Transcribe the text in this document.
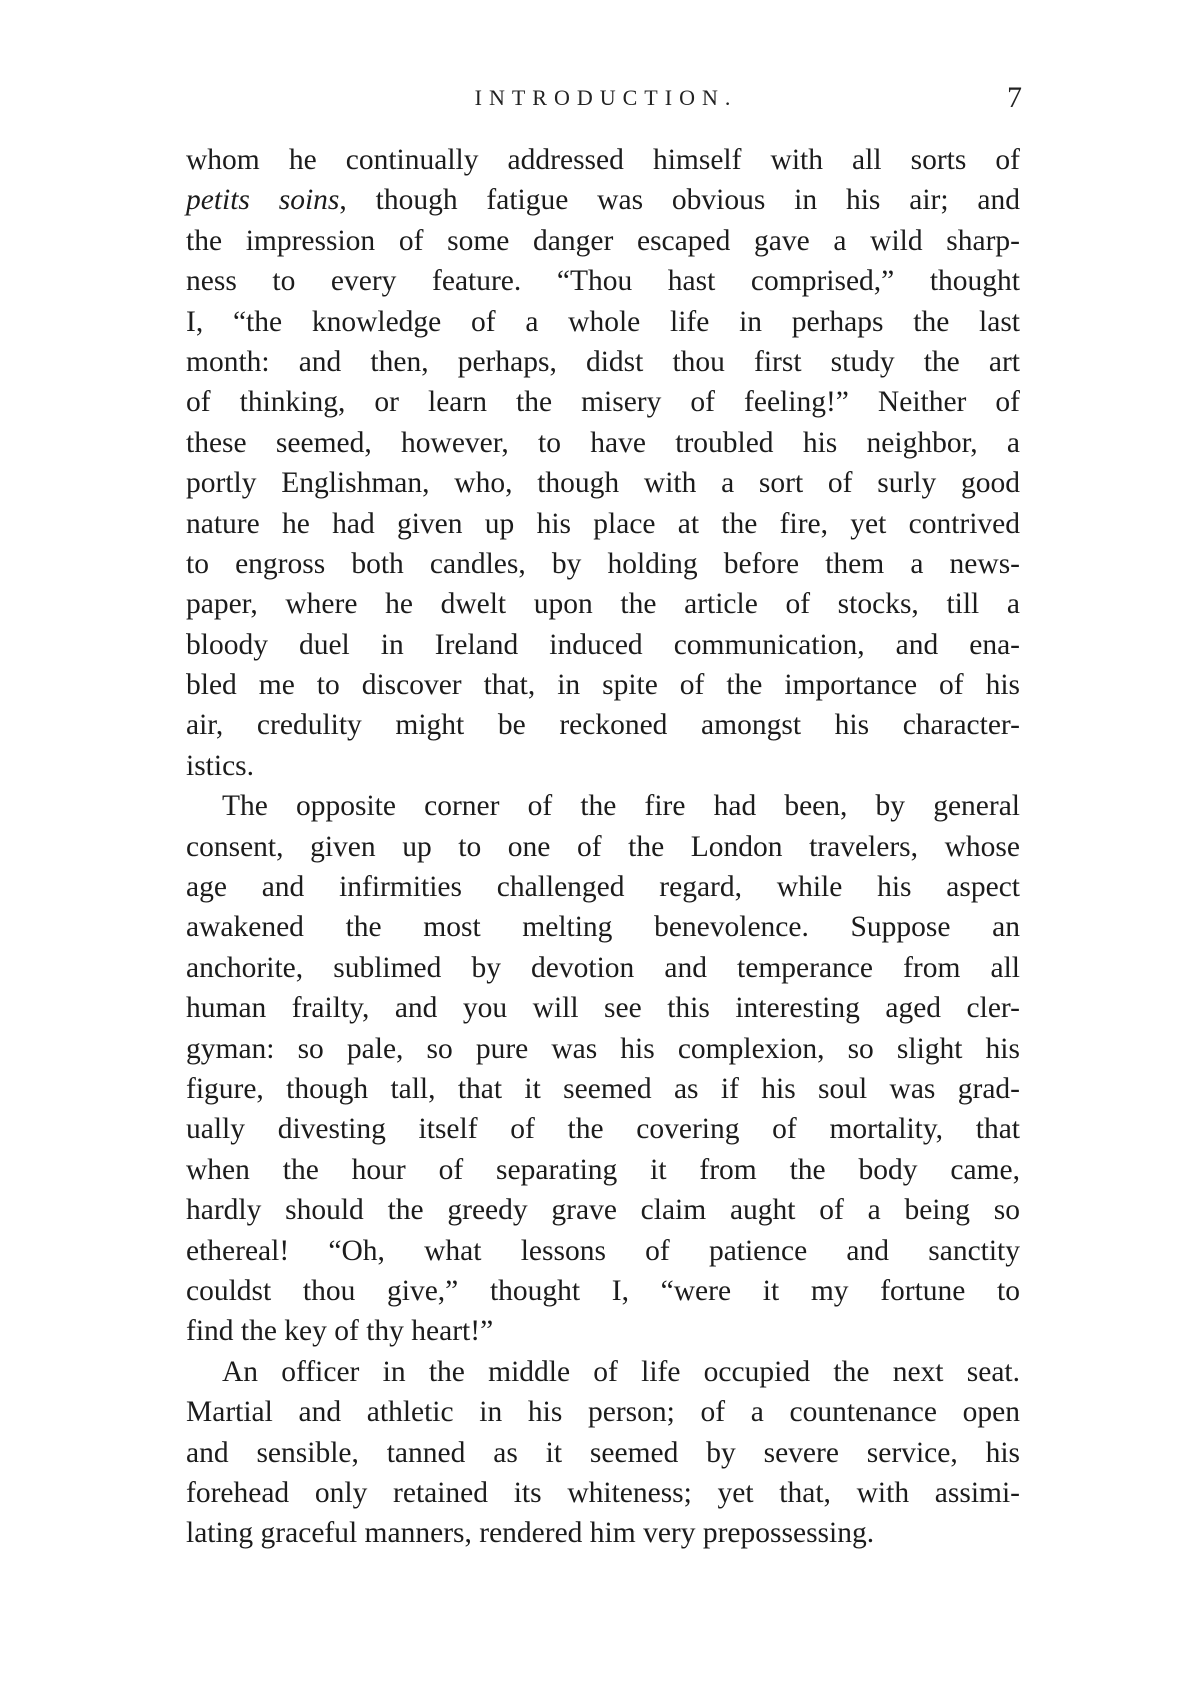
INTRODUCTION.	7
whom he continually addressed himself with all sorts of
petits soins, though fatigue was obvious in his air; and
the impression of some danger escaped gave a wild sharp-
ness to every feature. “Thou hast comprised,” thought
I, “the knowledge of a whole life in perhaps the last
month: and then, perhaps, didst thou first study the art
of thinking, or learn the misery of feeling!” Neither of
these seemed, however, to have troubled his neighbor, a
portly Englishman, who, though with a sort of surly good
nature he had given up his place at the fire, yet contrived
to engross both candles, by holding before them a news-
paper, where he dwelt upon the article of stocks, till a
bloody duel in Ireland induced communication, and ena-
bled me to discover that, in spite of the importance of his
air, credulity might be reckoned amongst his character-
istics.
The opposite corner of the fire had been, by general
consent, given up to one of the London travelers, whose
age and infirmities challenged regard, while his aspect
awakened the most melting benevolence. Suppose an
anchorite, sublimed by devotion and temperance from all
human frailty, and you will see this interesting aged cler-
gyman: so pale, so pure was his complexion, so slight his
figure, though tall, that it seemed as if his soul was grad-
ually divesting itself of the covering of mortality, that
when the hour of separating it from the body came,
hardly should the greedy grave claim aught of a being so
ethereal! “Oh, what lessons of patience and sanctity
couldst thou give,” thought I, “were it my fortune to
find the key of thy heart!”
An officer in the middle of life occupied the next seat.
Martial and athletic in his person; of a countenance open
and sensible, tanned as it seemed by severe service, his
forehead only retained its whiteness; yet that, with assimi-
lating graceful manners, rendered him very prepossessing.
